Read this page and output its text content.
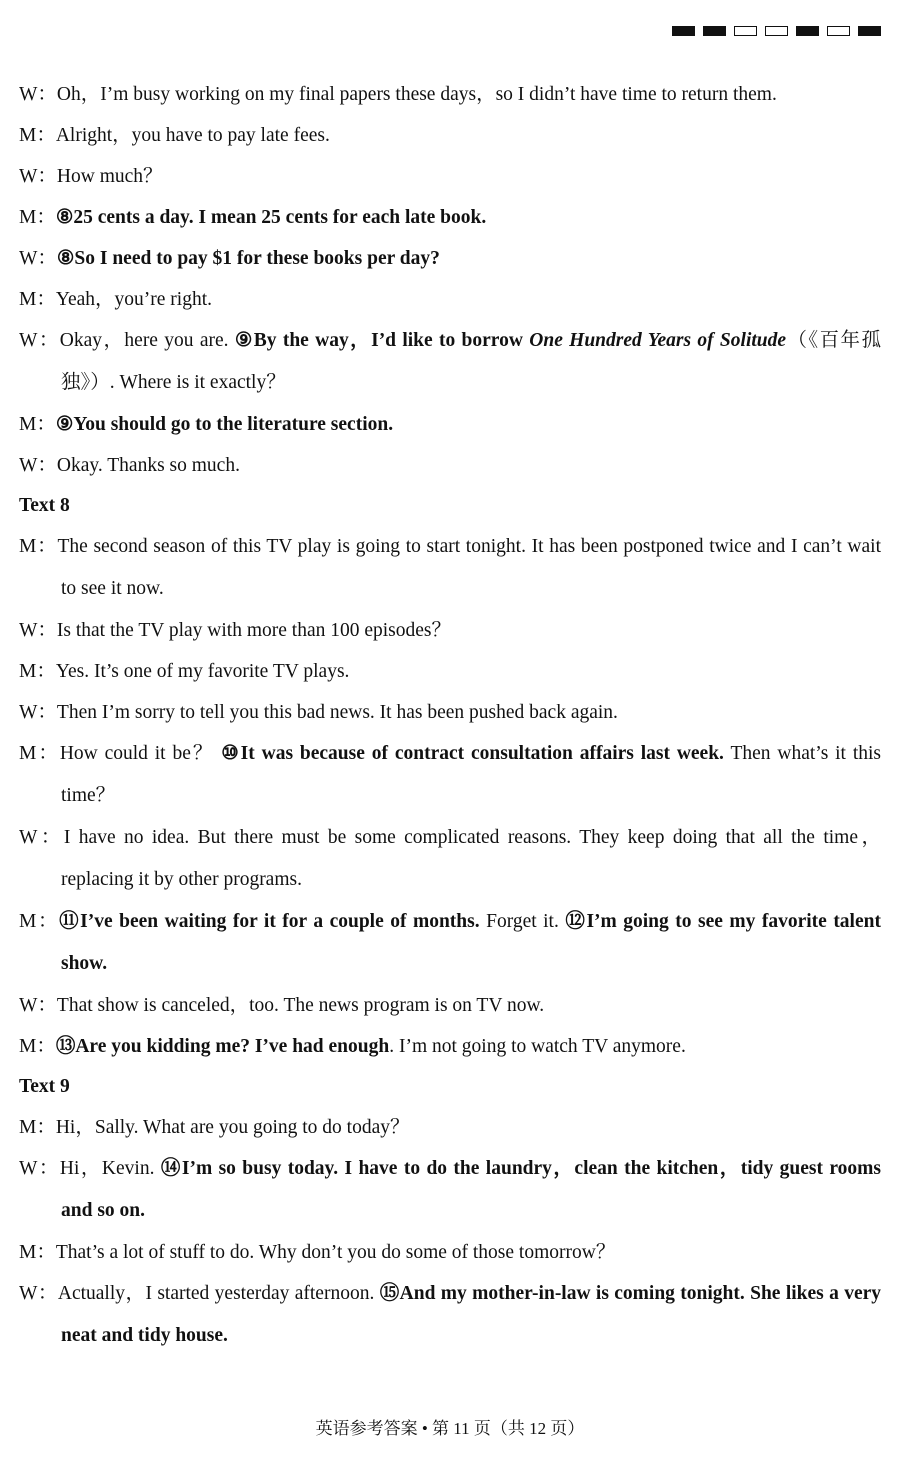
W：Oh，I’m busy working on my final papers these days，so I didn’t have time to return them.
M：Alright，you have to pay late fees.
W：How much？
M：⑧25 cents a day. I mean 25 cents for each late book.
W：⑧So I need to pay $1 for these books per day?
M：Yeah，you’re right.
W：Okay，here you are. ⑨By the way，I’d like to borrow One Hundred Years of Solitude（《百年孤独》）. Where is it exactly？
M：⑨You should go to the literature section.
W：Okay. Thanks so much.
Text 8
M：The second season of this TV play is going to start tonight. It has been postponed twice and I can’t wait to see it now.
W：Is that the TV play with more than 100 episodes？
M：Yes. It’s one of my favorite TV plays.
W：Then I’m sorry to tell you this bad news. It has been pushed back again.
M：How could it be？ ⑩It was because of contract consultation affairs last week. Then what’s it this time？
W：I have no idea. But there must be some complicated reasons. They keep doing that all the time，replacing it by other programs.
M：⑪I’ve been waiting for it for a couple of months. Forget it. ⑫I’m going to see my favorite talent show.
W：That show is canceled，too. The news program is on TV now.
M：⑬Are you kidding me? I’ve had enough. I’m not going to watch TV anymore.
Text 9
M：Hi，Sally. What are you going to do today？
W：Hi，Kevin. ⑭I’m so busy today. I have to do the laundry，clean the kitchen，tidy guest rooms and so on.
M：That’s a lot of stuff to do. Why don’t you do some of those tomorrow？
W：Actually，I started yesterday afternoon. ⑮And my mother-in-law is coming tonight. She likes a very neat and tidy house.
英语参考答案 • 第 11 页（共 12 页）
